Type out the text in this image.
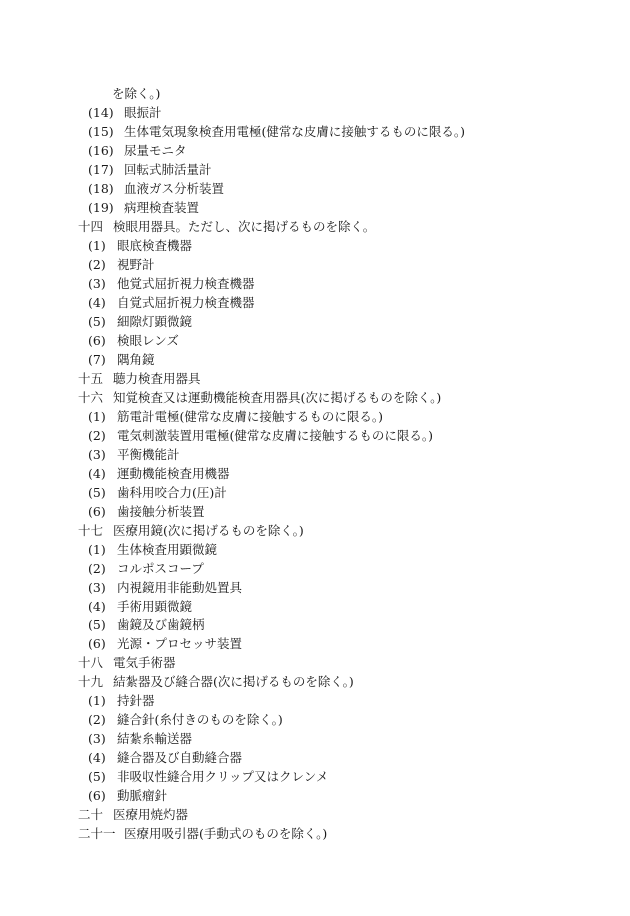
を除く。)
(14) 眼振計
(15) 生体電気現象検査用電極(健常な皮膚に接触するものに限る。)
(16) 尿量モニタ
(17) 回転式肺活量計
(18) 血液ガス分析装置
(19) 病理検査装置
十四 検眼用器具。ただし、次に掲げるものを除く。
(1) 眼底検査機器
(2) 視野計
(3) 他覚式屈折視力検査機器
(4) 自覚式屈折視力検査機器
(5) 細隙灯顕微鏡
(6) 検眼レンズ
(7) 隅角鏡
十五 聴力検査用器具
十六 知覚検査又は運動機能検査用器具(次に掲げるものを除く。)
(1) 筋電計電極(健常な皮膚に接触するものに限る。)
(2) 電気刺激装置用電極(健常な皮膚に接触するものに限る。)
(3) 平衡機能計
(4) 運動機能検査用機器
(5) 歯科用咬合力(圧)計
(6) 歯接触分析装置
十七 医療用鏡(次に掲げるものを除く。)
(1) 生体検査用顕微鏡
(2) コルポスコープ
(3) 内視鏡用非能動処置具
(4) 手術用顕微鏡
(5) 歯鏡及び歯鏡柄
(6) 光源・プロセッサ装置
十八 電気手術器
十九 結紮器及び縫合器(次に掲げるものを除く。)
(1) 持針器
(2) 縫合針(糸付きのものを除く。)
(3) 結紮糸輸送器
(4) 縫合器及び自動縫合器
(5) 非吸収性縫合用クリップ又はクレンメ
(6) 動脈瘤針
二十 医療用焼灼器
二十一 医療用吸引器(手動式のものを除く。)
